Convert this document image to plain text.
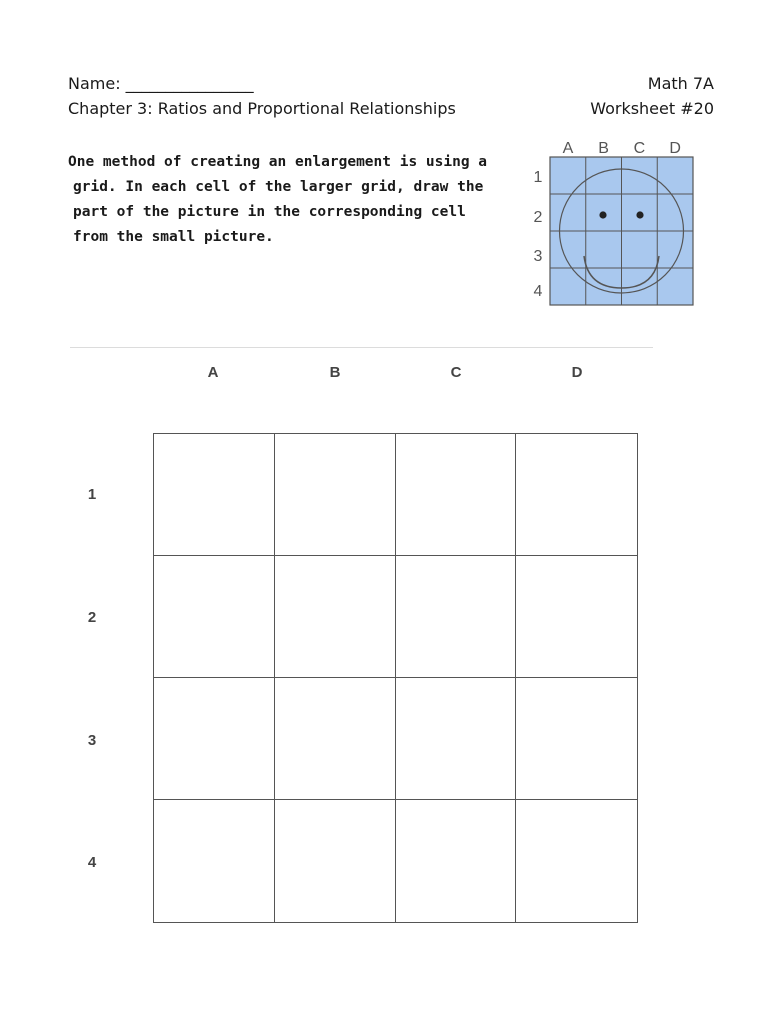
Name: ________________	Math 7A
Chapter 3: Ratios and Proportional Relationships	Worksheet #20
One method of creating an enlargement is using a
grid. In each cell of the larger grid, draw the
part of the picture in the corresponding cell
from the small picture.
A B C D
1
2
3
4
A	B	C	D
1
2
3
4
